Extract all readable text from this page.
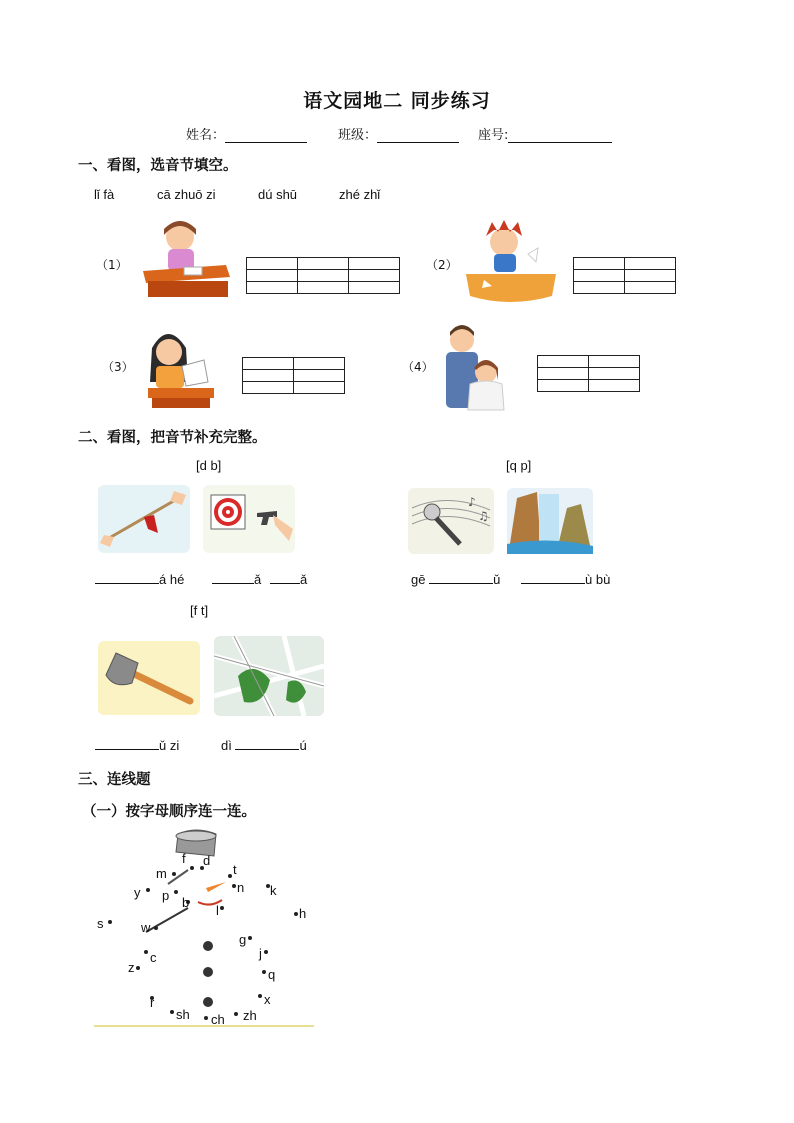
语文园地二 同步练习
姓名：	班级：	座号:
一、看图，选音节填空。
lǐ fà	cā zhuō zi	dú shū	zhé zhǐ
（1）

			（2）

（3）

		（4）

二、看图，把音节补充完整。
[d b]	[q p]
♪
♫
á hé	ǎ	ǎ	gē	ǔ	ù bù
[f t]
ǔ zi	dì	ú
三、连线题
（一）按字母顺序连一连。
f d
t
m
n k
y p b
l	h
s	w
g
j
c
z	q
r	x
sh ch zh
